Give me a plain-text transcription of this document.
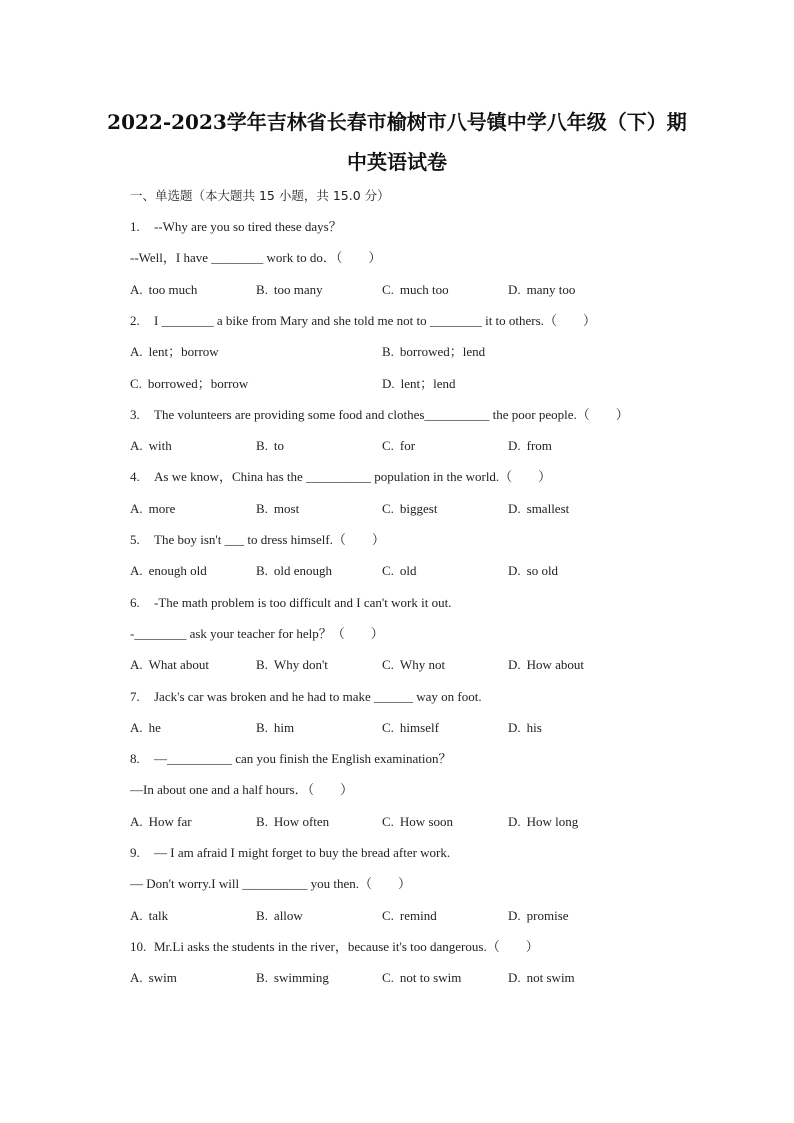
2022-2023学年吉林省长春市榆树市八号镇中学八年级（下）期
中英语试卷
一、单选题（本大题共 15 小题，共 15.0 分）
1. --Why are you so tired these days？
--Well，I have ________ work to do．（　　）
A. too much	B. too many	C. much too	D. many too
2. I ________ a bike from Mary and she told me not to ________ it to others.（　　）
A. lent；borrow	B. borrowed；lend
C. borrowed；borrow	D. lent；lend
3. The volunteers are providing some food and clothes__________ the poor people.（　　）
A. with	B. to	C. for	D. from
4. As we know，China has the __________ population in the world.（　　）
A. more	B. most	C. biggest	D. smallest
5. The boy isn't ___ to dress himself.（　　）
A. enough old	B. old enough	C. old	D. so old
6. -The math problem is too difficult and I can't work it out.
-________ ask your teacher for help？（　　）
A. What about	B. Why don't	C. Why not	D. How about
7. Jack's car was broken and he had to make ______ way on foot.
A. he	B. him	C. himself	D. his
8. —__________ can you finish the English examination？
—In about one and a half hours．（　　）
A. How far	B. How often	C. How soon	D. How long
9. — I am afraid I might forget to buy the bread after work.
— Don't worry.I will __________ you then.（　　）
A. talk	B. allow	C. remind	D. promise
10. Mr.Li asks the students in the river，because it's too dangerous.（　　）
A. swim	B. swimming	C. not to swim	D. not swim
